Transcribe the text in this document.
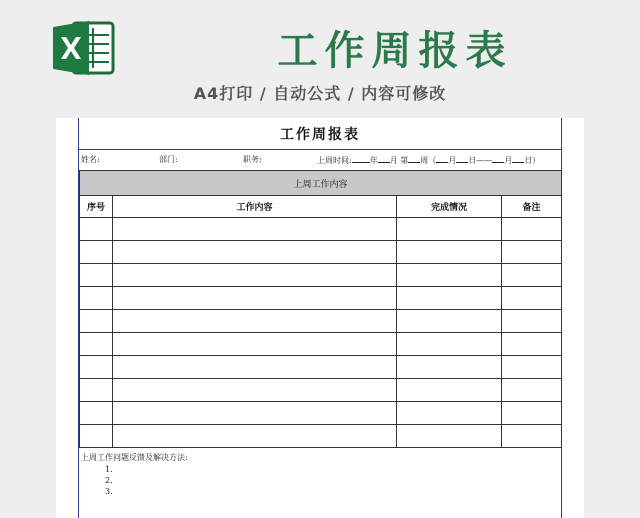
工作周报表
A4打印 / 自动公式 / 内容可修改
工作周报表
姓名:	部门:	职务:	上周时间: 年 月 第 周（ 月 日—— 月 日）
上周工作内容			
序号	工作内容	完成情况	备注

上周工作问题反馈及解决方法:
1.
2.
3.
